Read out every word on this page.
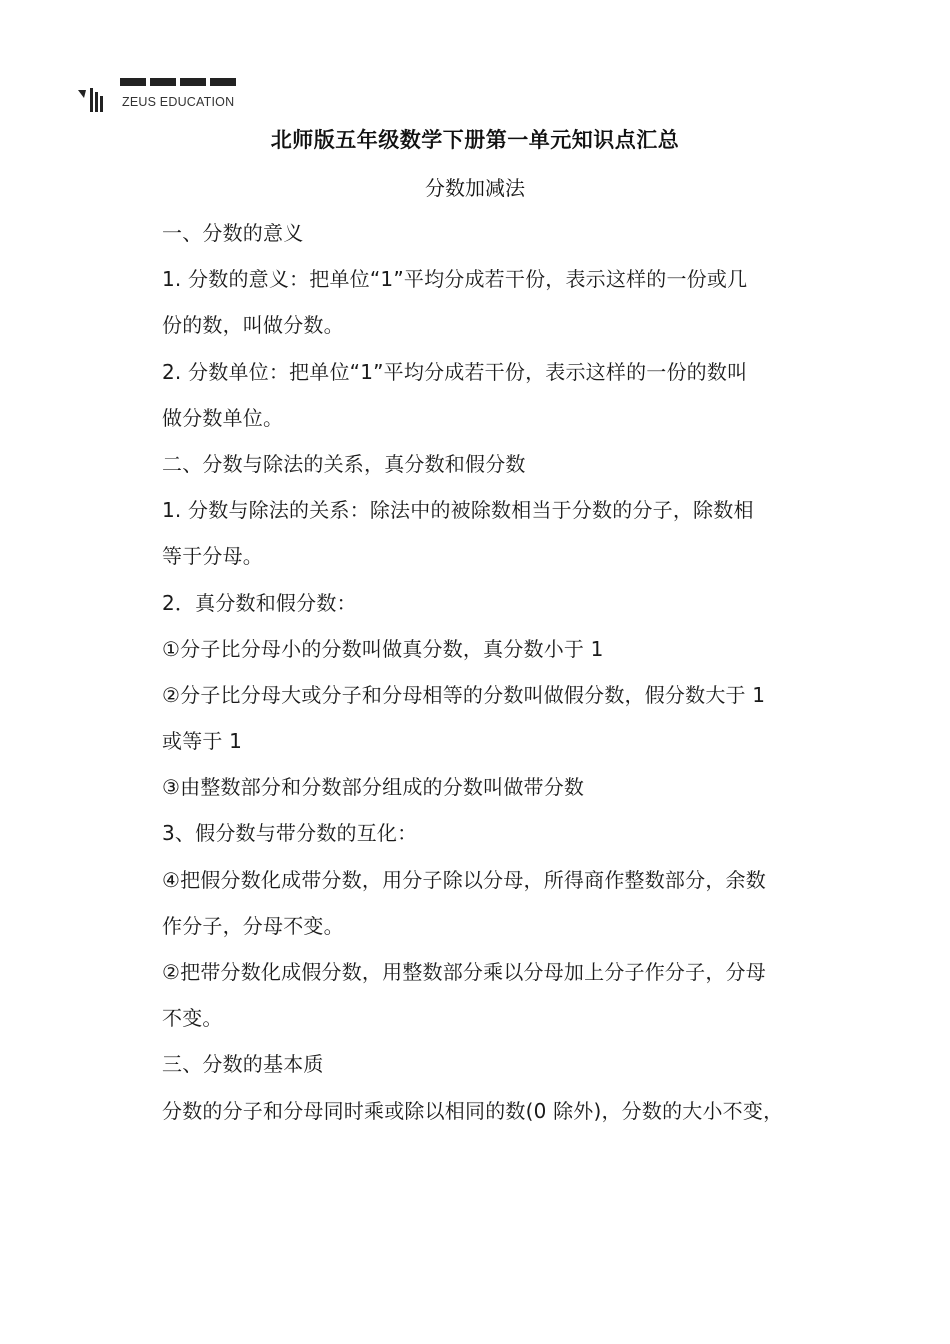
ZEUS EDUCATION
北师版五年级数学下册第一单元知识点汇总
分数加减法
一、分数的意义
1. 分数的意义：把单位“1”平均分成若干份，表示这样的一份或几
份的数，叫做分数。
2. 分数单位：把单位“1”平均分成若干份，表示这样的一份的数叫
做分数单位。
二、分数与除法的关系，真分数和假分数
1. 分数与除法的关系：除法中的被除数相当于分数的分子，除数相
等于分母。
2．真分数和假分数：
①分子比分母小的分数叫做真分数，真分数小于 1
②分子比分母大或分子和分母相等的分数叫做假分数，假分数大于 1
或等于 1
③由整数部分和分数部分组成的分数叫做带分数
3、假分数与带分数的互化：
④把假分数化成带分数，用分子除以分母，所得商作整数部分，余数
作分子，分母不变。
②把带分数化成假分数，用整数部分乘以分母加上分子作分子，分母
不变。
三、分数的基本质
分数的分子和分母同时乘或除以相同的数(0 除外)，分数的大小不变，
